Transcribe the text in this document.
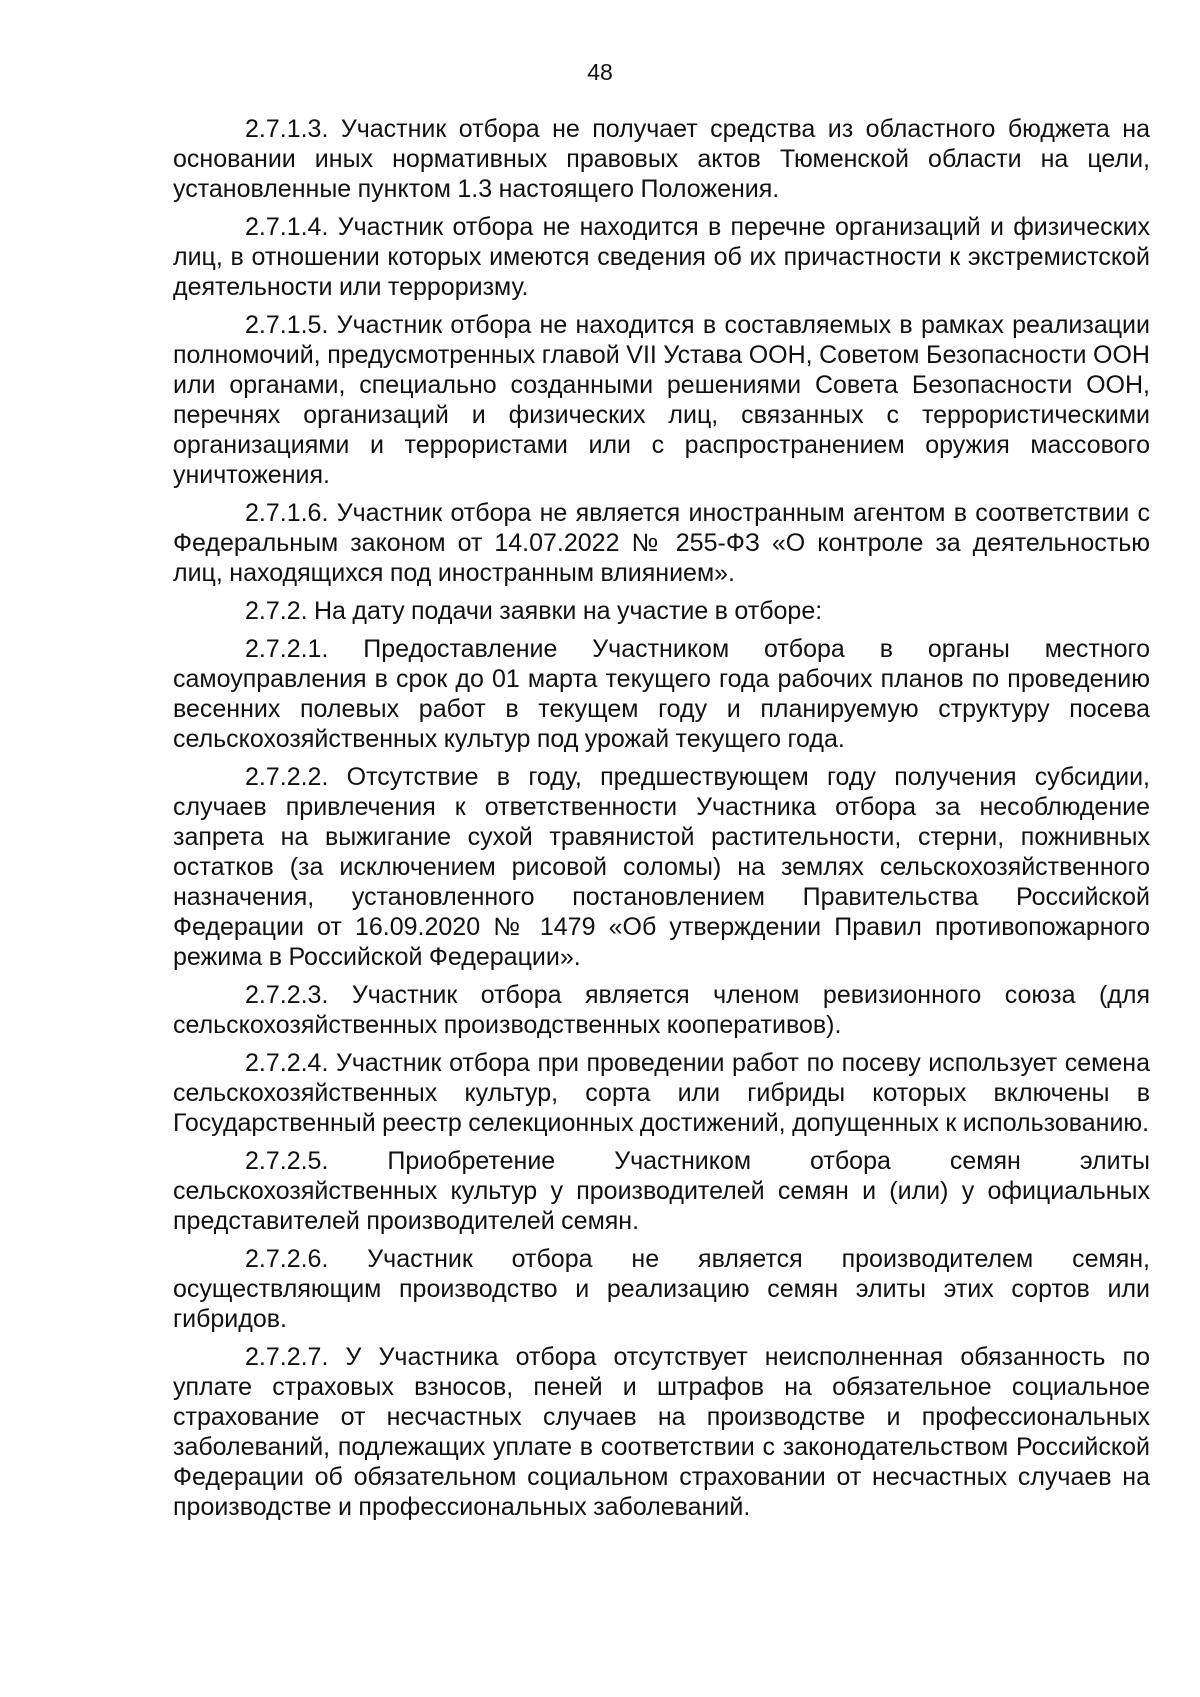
48

2.7.1.3. Участник отбора не получает средства из областного бюджета на основании иных нормативных правовых актов Тюменской области на цели, установленные пунктом 1.3 настоящего Положения.

2.7.1.4. Участник отбора не находится в перечне организаций и физических лиц, в отношении которых имеются сведения об их причастности к экстремистской деятельности или терроризму.

2.7.1.5. Участник отбора не находится в составляемых в рамках реализации полномочий, предусмотренных главой VII Устава ООН, Советом Безопасности ООН или органами, специально созданными решениями Совета Безопасности ООН, перечнях организаций и физических лиц, связанных с террористическими организациями и террористами или с распространением оружия массового уничтожения.

2.7.1.6. Участник отбора не является иностранным агентом в соответствии с Федеральным законом от 14.07.2022 № 255-ФЗ «О контроле за деятельностью лиц, находящихся под иностранным влиянием».

2.7.2. На дату подачи заявки на участие в отборе:

2.7.2.1. Предоставление Участником отбора в органы местного самоуправления в срок до 01 марта текущего года рабочих планов по проведению весенних полевых работ в текущем году и планируемую структуру посева сельскохозяйственных культур под урожай текущего года.

2.7.2.2. Отсутствие в году, предшествующем году получения субсидии, случаев привлечения к ответственности Участника отбора за несоблюдение запрета на выжигание сухой травянистой растительности, стерни, пожнивных остатков (за исключением рисовой соломы) на землях сельскохозяйственного назначения, установленного постановлением Правительства Российской Федерации от 16.09.2020 № 1479 «Об утверждении Правил противопожарного режима в Российской Федерации».

2.7.2.3. Участник отбора является членом ревизионного союза (для сельскохозяйственных производственных кооперативов).

2.7.2.4. Участник отбора при проведении работ по посеву использует семена сельскохозяйственных культур, сорта или гибриды которых включены в Государственный реестр селекционных достижений, допущенных к использованию.

2.7.2.5. Приобретение Участником отбора семян элиты сельскохозяйственных культур у производителей семян и (или) у официальных представителей производителей семян.

2.7.2.6. Участник отбора не является производителем семян, осуществляющим производство и реализацию семян элиты этих сортов или гибридов.

2.7.2.7. У Участника отбора отсутствует неисполненная обязанность по уплате страховых взносов, пеней и штрафов на обязательное социальное страхование от несчастных случаев на производстве и профессиональных заболеваний, подлежащих уплате в соответствии с законодательством Российской Федерации об обязательном социальном страховании от несчастных случаев на производстве и профессиональных заболеваний.
